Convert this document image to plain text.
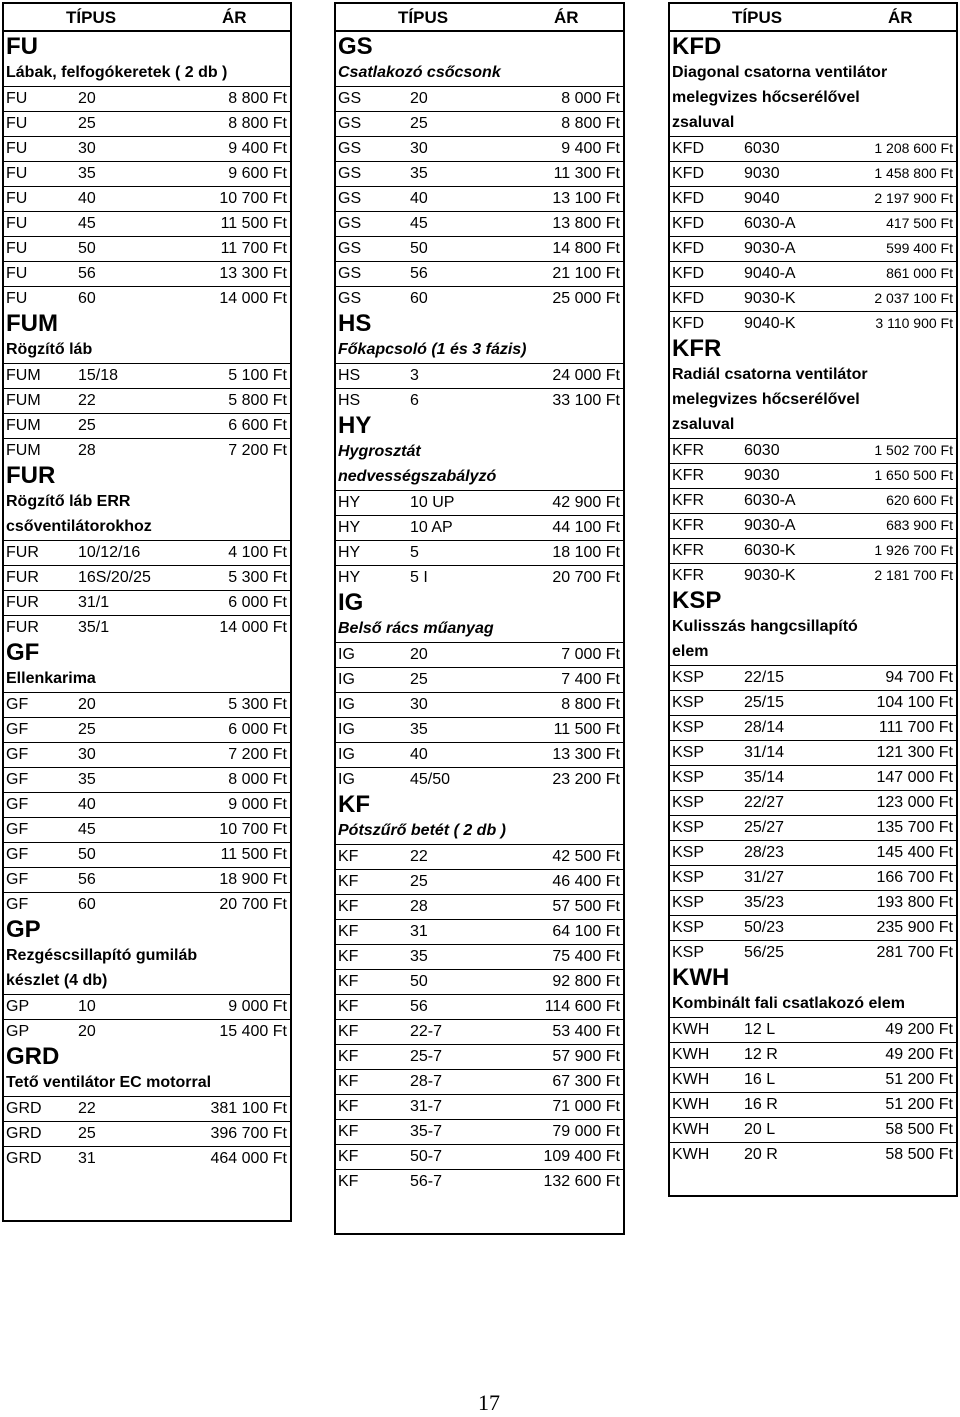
TÍPUS	ÁR
FU
Lábak, felfogókeretek ( 2 db )
FU	20	8 800 Ft
FU	25	8 800 Ft
FU	30	9 400 Ft
FU	35	9 600 Ft
FU	40	10 700 Ft
FU	45	11 500 Ft
FU	50	11 700 Ft
FU	56	13 300 Ft
FU	60	14 000 Ft
FUM
Rögzítő láb
FUM 15/18	5 100 Ft
FUM 22	5 800 Ft
FUM 25	6 600 Ft
FUM 28	7 200 Ft
FUR
Rögzítő láb ERR
csőventilátorokhoz
FUR 10/12/16	4 100 Ft
FUR 16S/20/25	5 300 Ft
FUR 31/1	6 000 Ft
FUR 35/1	14 000 Ft
GF
Ellenkarima
GF	20	5 300 Ft
GF	25	6 000 Ft
GF	30	7 200 Ft
GF	35	8 000 Ft
GF	40	9 000 Ft
GF	45	10 700 Ft
GF	50	11 500 Ft
GF	56	18 900 Ft
GF	60	20 700 Ft
GP
Rezgéscsillapító gumiláb
készlet (4 db)
GP	10	9 000 Ft
GP	20	15 400 Ft
GRD
Tető ventilátor EC motorral
GRD 22	381 100 Ft
GRD 25	396 700 Ft
GRD 31	464 000 Ft
TÍPUS	ÁR
GS
Csatlakozó csőcsonk
GS	20	8 000 Ft
GS	25	8 800 Ft
GS	30	9 400 Ft
GS	35	11 300 Ft
GS	40	13 100 Ft
GS	45	13 800 Ft
GS	50	14 800 Ft
GS	56	21 100 Ft
GS	60	25 000 Ft
HS
Főkapcsoló (1 és 3 fázis)
HS	3	24 000 Ft
HS	6	33 100 Ft
HY
Hygrosztát
nedvességszabályzó
HY	10 UP	42 900 Ft
HY	10 AP	44 100 Ft
HY	5	18 100 Ft
HY	5 I	20 700 Ft
IG
Belső rács műanyag
IG	20	7 000 Ft
IG	25	7 400 Ft
IG	30	8 800 Ft
IG	35	11 500 Ft
IG	40	13 300 Ft
IG	45/50	23 200 Ft
KF
Pótszűrő betét ( 2 db )
KF	22	42 500 Ft
KF	25	46 400 Ft
KF	28	57 500 Ft
KF	31	64 100 Ft
KF	35	75 400 Ft
KF	50	92 800 Ft
KF	56	114 600 Ft
KF	22-7	53 400 Ft
KF	25-7	57 900 Ft
KF	28-7	67 300 Ft
KF	31-7	71 000 Ft
KF	35-7	79 000 Ft
KF	50-7	109 400 Ft
KF	56-7	132 600 Ft
TÍPUS	ÁR
KFD
Diagonal csatorna ventilátor
melegvizes hőcserélővel
zsaluval
KFD	6030	1 208 600 Ft
KFD	9030	1 458 800 Ft
KFD	9040	2 197 900 Ft
KFD	6030-A	417 500 Ft
KFD	9030-A	599 400 Ft
KFD	9040-A	861 000 Ft
KFD	9030-K	2 037 100 Ft
KFD	9040-K	3 110 900 Ft
KFR
Radiál csatorna ventilátor
melegvizes hőcserélővel
zsaluval
KFR	6030	1 502 700 Ft
KFR	9030	1 650 500 Ft
KFR	6030-A	620 600 Ft
KFR	9030-A	683 900 Ft
KFR	6030-K	1 926 700 Ft
KFR	9030-K	2 181 700 Ft
KSP
Kulisszás hangcsillapító
elem
KSP 22/15	94 700 Ft
KSP 25/15	104 100 Ft
KSP 28/14	111 700 Ft
KSP 31/14	121 300 Ft
KSP 35/14	147 000 Ft
KSP 22/27	123 000 Ft
KSP 25/27	135 700 Ft
KSP 28/23	145 400 Ft
KSP 31/27	166 700 Ft
KSP 35/23	193 800 Ft
KSP 50/23	235 900 Ft
KSP 56/25	281 700 Ft
KWH
Kombinált fali csatlakozó elem
KWH 12 L	49 200 Ft
KWH 12 R	49 200 Ft
KWH 16 L	51 200 Ft
KWH 16 R	51 200 Ft
KWH 20 L	58 500 Ft
KWH 20 R	58 500 Ft
17
